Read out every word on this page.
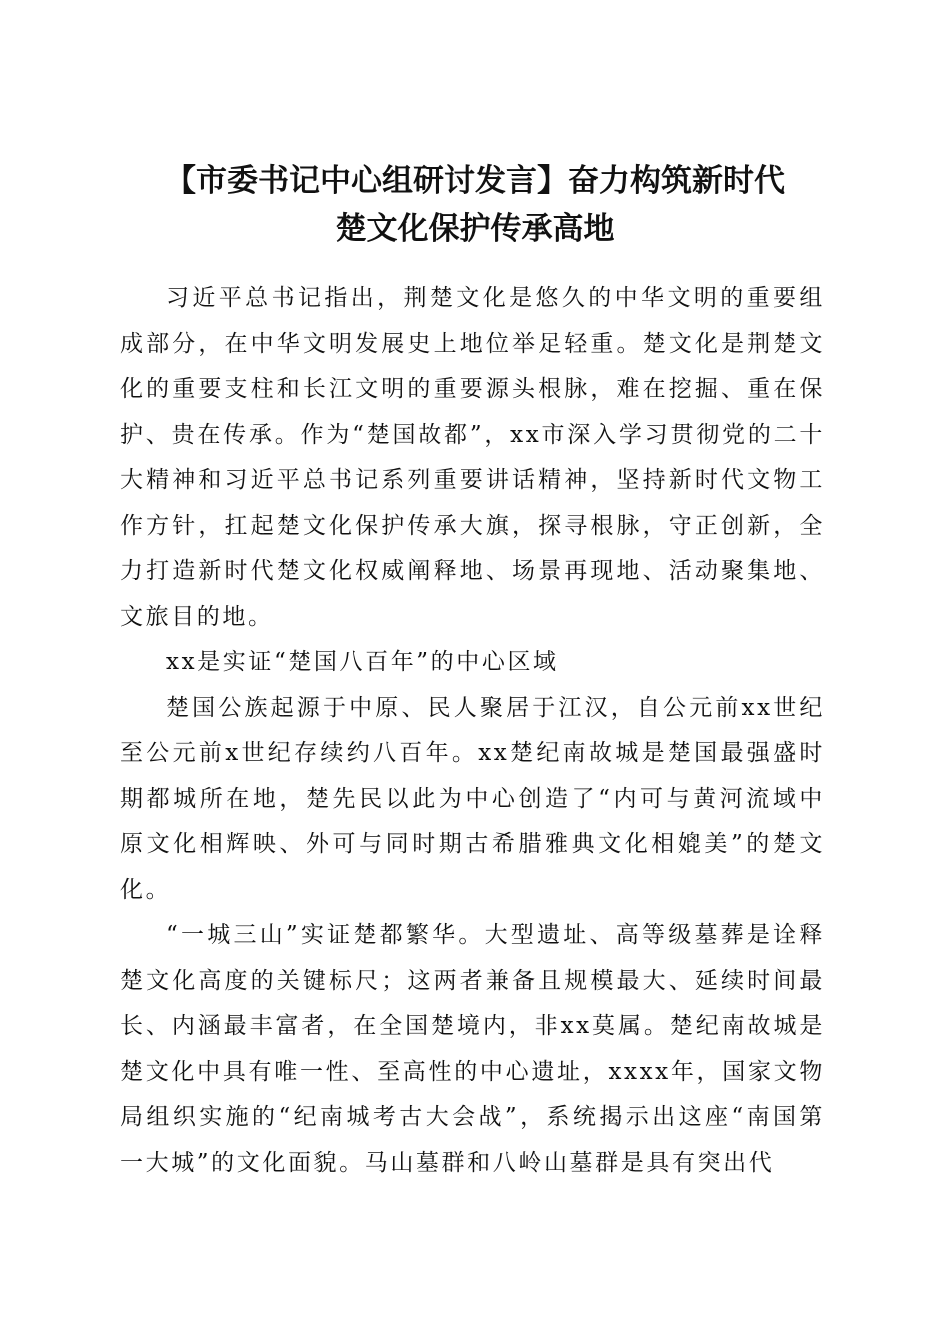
【市委书记中心组研讨发言】奋力构筑新时代
楚文化保护传承高地

习近平总书记指出，荆楚文化是悠久的中华文明的重要组成部分，在中华文明发展史上地位举足轻重。楚文化是荆楚文化的重要支柱和长江文明的重要源头根脉，难在挖掘、重在保护、贵在传承。作为“楚国故都”，xx市深入学习贯彻党的二十大精神和习近平总书记系列重要讲话精神，坚持新时代文物工作方针，扛起楚文化保护传承大旗，探寻根脉，守正创新，全力打造新时代楚文化权威阐释地、场景再现地、活动聚集地、文旅目的地。

xx是实证“楚国八百年”的中心区域

楚国公族起源于中原、民人聚居于江汉，自公元前xx世纪至公元前x世纪存续约八百年。xx楚纪南故城是楚国最强盛时期都城所在地，楚先民以此为中心创造了“内可与黄河流域中原文化相辉映、外可与同时期古希腊雅典文化相媲美”的楚文化。

“一城三山”实证楚都繁华。大型遗址、高等级墓葬是诠释楚文化高度的关键标尺；这两者兼备且规模最大、延续时间最长、内涵最丰富者，在全国楚境内，非xx莫属。楚纪南故城是楚文化中具有唯一性、至高性的中心遗址，xxxx年，国家文物局组织实施的“纪南城考古大会战”，系统揭示出这座“南国第一大城”的文化面貌。马山墓群和八岭山墓群是具有突出代
